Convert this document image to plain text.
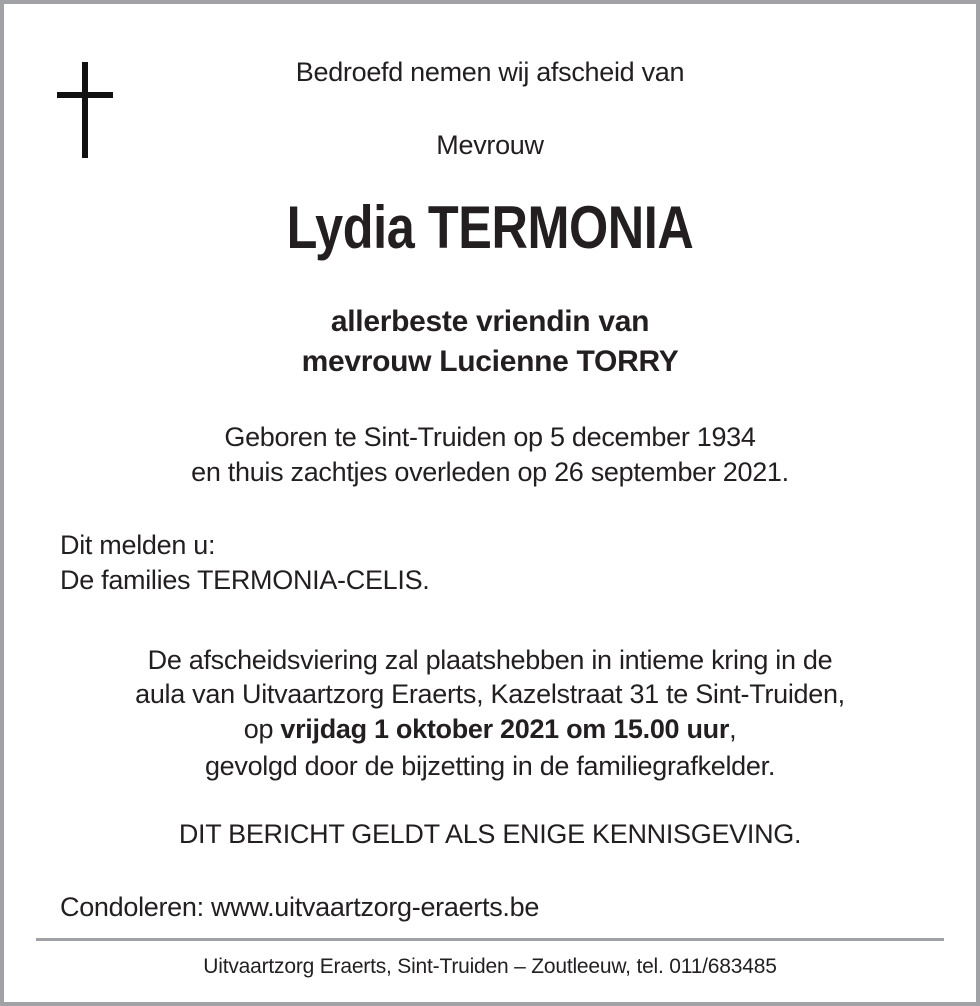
Bedroefd nemen wij afscheid van
Mevrouw
Lydia TERMONIA
allerbeste vriendin van
mevrouw Lucienne TORRY
Geboren te Sint-Truiden op 5 december 1934
en thuis zachtjes overleden op 26 september 2021.
Dit melden u:
De families TERMONIA-CELIS.
De afscheidsviering zal plaatshebben in intieme kring in de
aula van Uitvaartzorg Eraerts, Kazelstraat 31 te Sint-Truiden,
op vrijdag 1 oktober 2021 om 15.00 uur,
gevolgd door de bijzetting in de familiegrafkelder.
DIT BERICHT GELDT ALS ENIGE KENNISGEVING.
Condoleren: www.uitvaartzorg-eraerts.be
Uitvaartzorg Eraerts, Sint-Truiden – Zoutleeuw, tel. 011/683485
